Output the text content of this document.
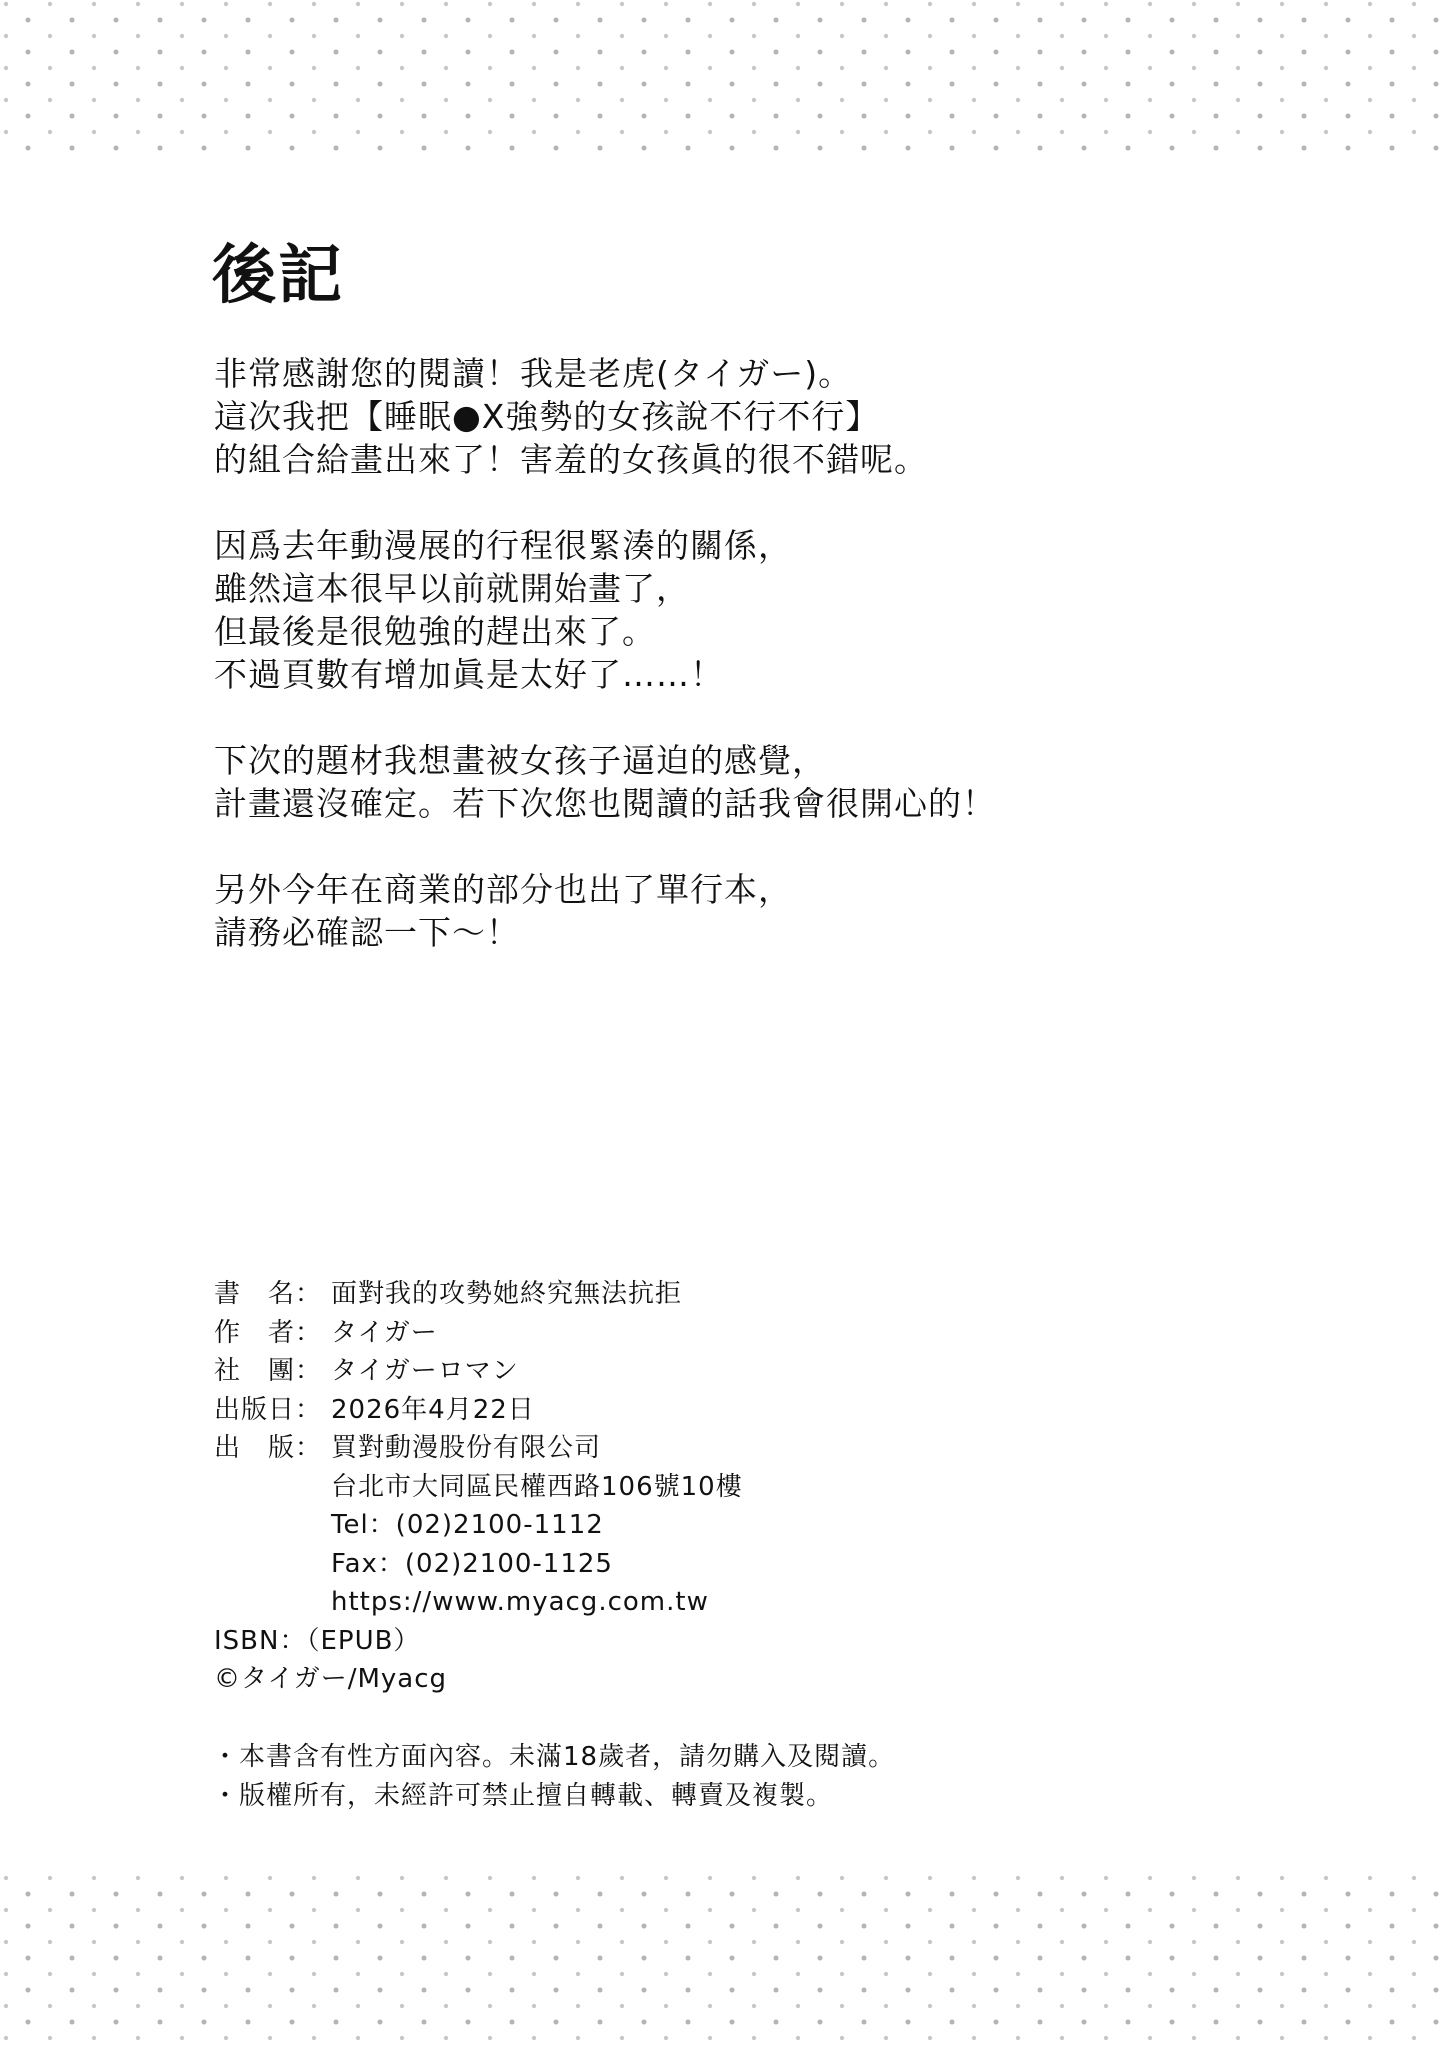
後記
非常感謝您的閱讀！我是老虎(タイガー)。
這次我把【睡眠●X強勢的女孩說不行不行】
的組合給畫出來了！害羞的女孩眞的很不錯呢。
因爲去年動漫展的行程很緊湊的關係，
雖然這本很早以前就開始畫了，
但最後是很勉強的趕出來了。
不過頁數有增加眞是太好了……！
下次的題材我想畫被女孩子逼迫的感覺，
計畫還沒確定。若下次您也閱讀的話我會很開心的！
另外今年在商業的部分也出了單行本，
請務必確認一下～！
書　名： 面對我的攻勢她終究無法抗拒
作　者： タイガー
社　團： タイガーロマン
出版日： 2026年4月22日
出　版： 買對動漫股份有限公司
台北市大同區民權西路106號10樓
Tel：(02)2100-1112
Fax：(02)2100-1125
https://www.myacg.com.tw
ISBN：（EPUB）
©タイガー/Myacg
・本書含有性方面內容。未滿18歲者，請勿購入及閱讀。
・版權所有，未經許可禁止擅自轉載、轉賣及複製。
